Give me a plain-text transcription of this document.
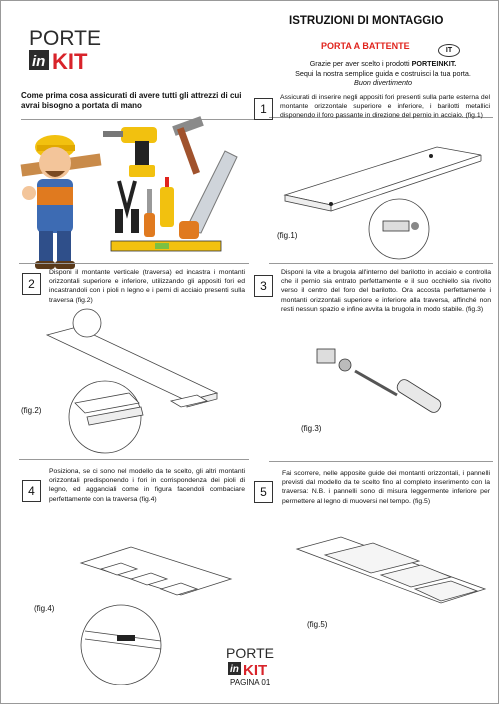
PORTE
in KIT
ISTRUZIONI DI MONTAGGIO
PORTA A BATTENTE	IT
Grazie per aver scelto i prodotti PORTEINKIT.
Sequi la nostra semplice guida e costruisci la tua porta.
Buon divertimento
Come prima cosa assicurati di avere tutti gli attrezzi di cui avrai bisogno a portata di mano	1
Assicurati di inserire negli appositi fori presenti sulla parte esterna del montante orizzontale superiore e inferiore, i barilotti metallici disponendo il foro passante in direzione del pernio in acciaio. (fig.1)
(fig.1)
2
Disponi il montante verticale (traversa) ed incastra i montanti orizzontali superiore e inferiore, utilizzando gli appositi fori ed incastrandoli con i pioli n legno e i perni di acciaio presenti sulla traversa (fig.2)
(fig.2)
3
Disponi la vite a brugola all'interno del barilotto in acciaio e controlla che il pernio sia entrato perfettamente e il suo occhiello sia rivolto verso il centro del foro del barilotto. Ora accosta perfettamente i montanti orizzontali superiore e inferiore alla traversa, affinché non resti nessun spazio e infine avvita la brugola in modo stabile. (fig.3)
(fig.3)
4
Posiziona, se ci sono nel modello da te scelto, gli altri montanti orizzontali predisponendo i fori in corrispondenza dei pioli di legno, ed agganciali come in figura facendoli combaciare perfettamente con la traversa (fig.4)
(fig.4)
5
Fai scorrere, nelle apposite guide dei montanti orizzontali, i pannelli previsti dal modello da te scelto fino al completo inserimento con la traversa: N.B. i pannelli sono di misura leggermente inferiore per permettere al legno di muoversi nel tempo. (fig.5)
(fig.5)
PORTE
in KIT
PAGINA 01
